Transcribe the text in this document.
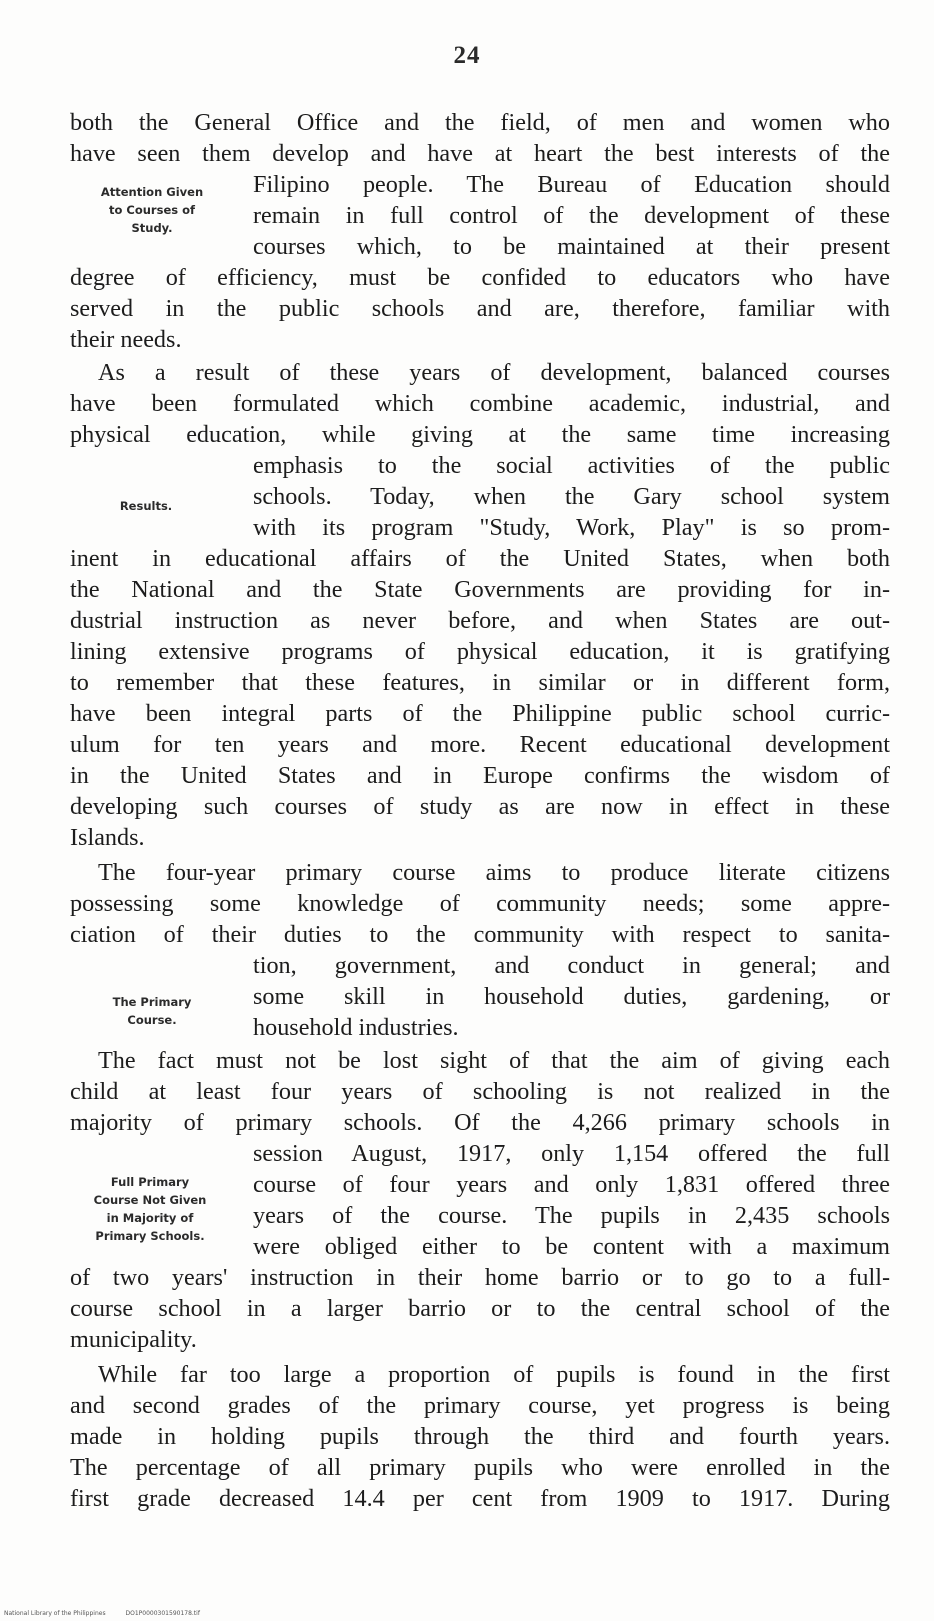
24
Attention Given
to Courses of
Study.
Results.
The Primary
Course.
Full Primary
Course Not Given
in Majority of
Primary Schools.
both the General Office and the field, of men and women who
have seen them develop and have at heart the best interests of the
Filipino people. The Bureau of Education should
remain in full control of the development of these
courses which, to be maintained at their present
degree of efficiency, must be confided to educators who have
served in the public schools and are, therefore, familiar with
their needs.
As a result of these years of development, balanced courses
have been formulated which combine academic, industrial, and
physical education, while giving at the same time increasing
emphasis to the social activities of the public
schools. Today, when the Gary school system
with its program "Study, Work, Play" is so prom-
inent in educational affairs of the United States, when both
the National and the State Governments are providing for in-
dustrial instruction as never before, and when States are out-
lining extensive programs of physical education, it is gratifying
to remember that these features, in similar or in different form,
have been integral parts of the Philippine public school curric-
ulum for ten years and more. Recent educational development
in the United States and in Europe confirms the wisdom of
developing such courses of study as are now in effect in these
Islands.
The four-year primary course aims to produce literate citizens
possessing some knowledge of community needs; some appre-
ciation of their duties to the community with respect to sanita-
tion, government, and conduct in general; and
some skill in household duties, gardening, or
household industries.
The fact must not be lost sight of that the aim of giving each
child at least four years of schooling is not realized in the
majority of primary schools. Of the 4,266 primary schools in
session August, 1917, only 1,154 offered the full
course of four years and only 1,831 offered three
years of the course. The pupils in 2,435 schools
were obliged either to be content with a maximum
of two years' instruction in their home barrio or to go to a full-
course school in a larger barrio or to the central school of the
municipality.
While far too large a proportion of pupils is found in the first
and second grades of the primary course, yet progress is being
made in holding pupils through the third and fourth years.
The percentage of all primary pupils who were enrolled in the
first grade decreased 14.4 per cent from 1909 to 1917. During
National Library of the Philippines	DO1P0000301590178.tif
